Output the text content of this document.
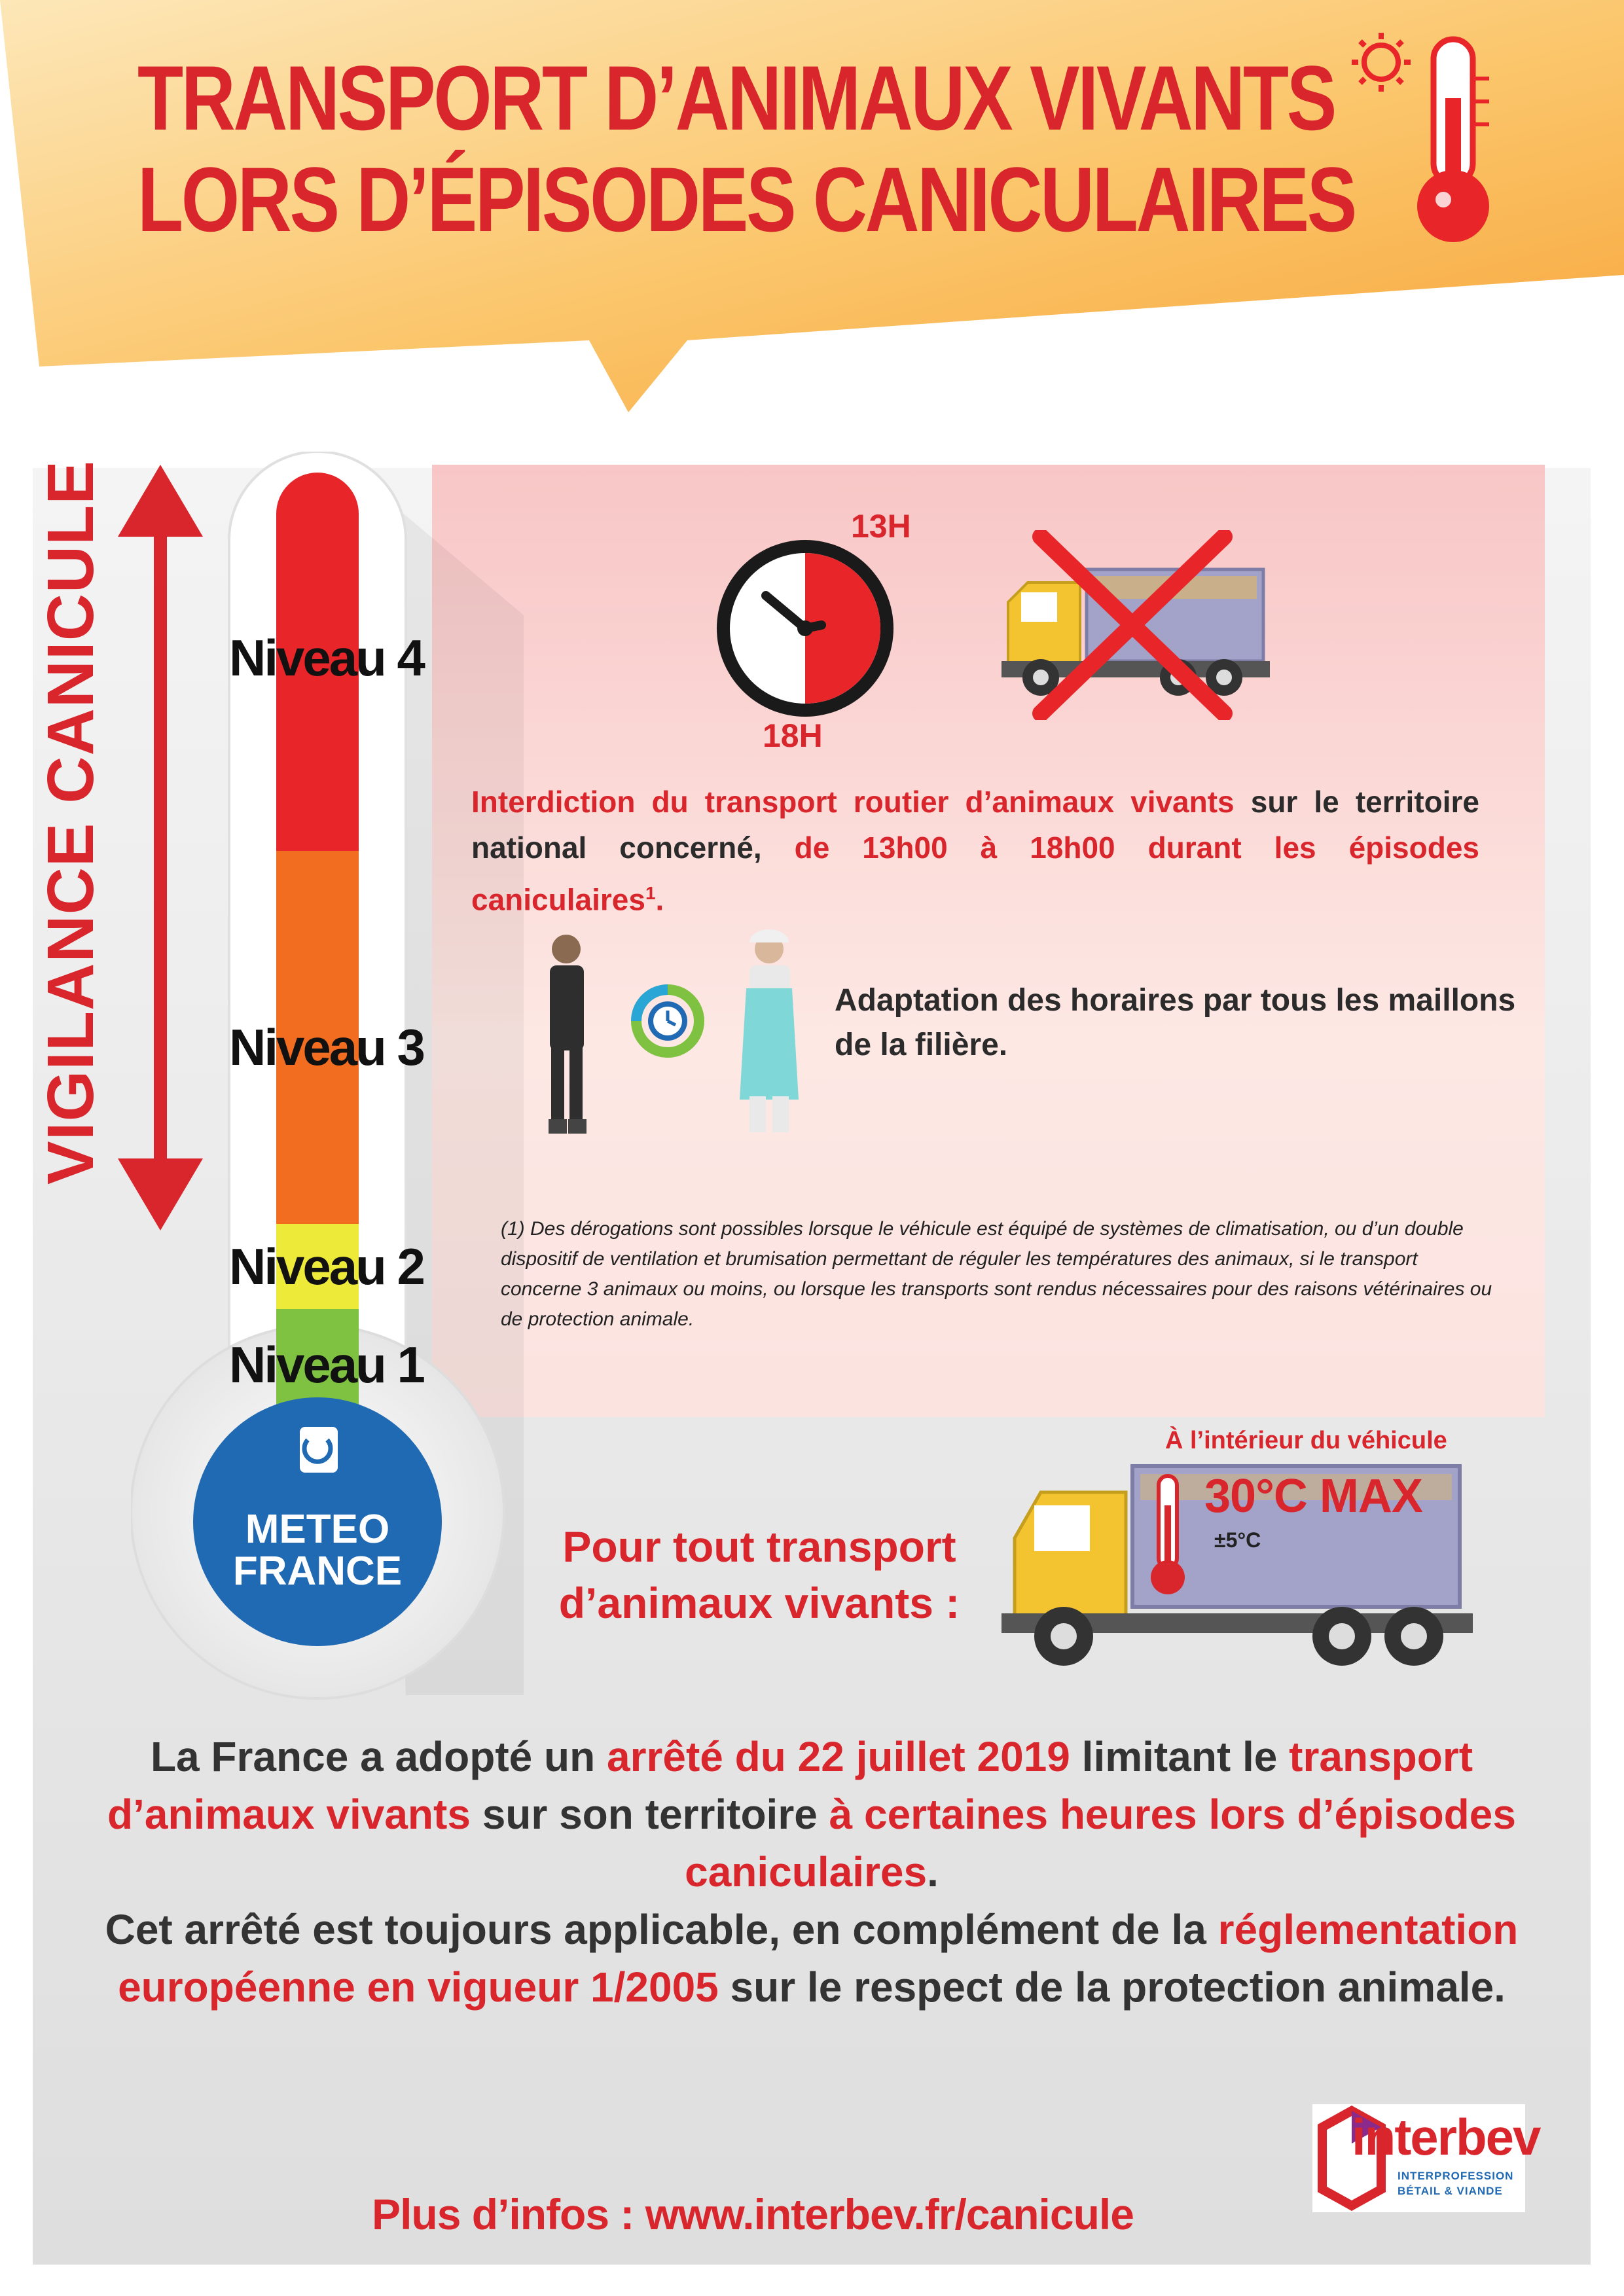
TRANSPORT D’ANIMAUX VIVANTS
LORS D’ÉPISODES CANICULAIRES
VIGILANCE CANICULE
METEO
FRANCE
Niveau 4
Niveau 3
Niveau 2
Niveau 1
13H
18H
Interdiction du transport routier d’animaux vivants sur le territoire national concerné, de 13h00 à 18h00 durant les épisodes caniculaires$^1$.
Adaptation des horaires par tous les maillons de la filière.
(1) Des dérogations sont possibles lorsque le véhicule est équipé de systèmes de climatisation, ou d’un double dispositif de ventilation et brumisation permettant de réguler les températures des animaux, si le transport concerne 3 animaux ou moins, ou lorsque les transports sont rendus nécessaires pour des raisons vétérinaires ou de protection animale.
Pour tout transport d’animaux vivants :
À l’intérieur du véhicule
30°C MAX
±5°C
La France a adopté un arrêté du 22 juillet 2019 limitant le transport d’animaux vivants sur son territoire à certaines heures lors d’épisodes caniculaires.
Cet arrêté est toujours applicable, en complément de la réglementation européenne en vigueur 1/2005 sur le respect de la protection animale.
interbev
INTERPROFESSION
BÉTAIL & VIANDE
Plus d’infos : www.interbev.fr/canicule
